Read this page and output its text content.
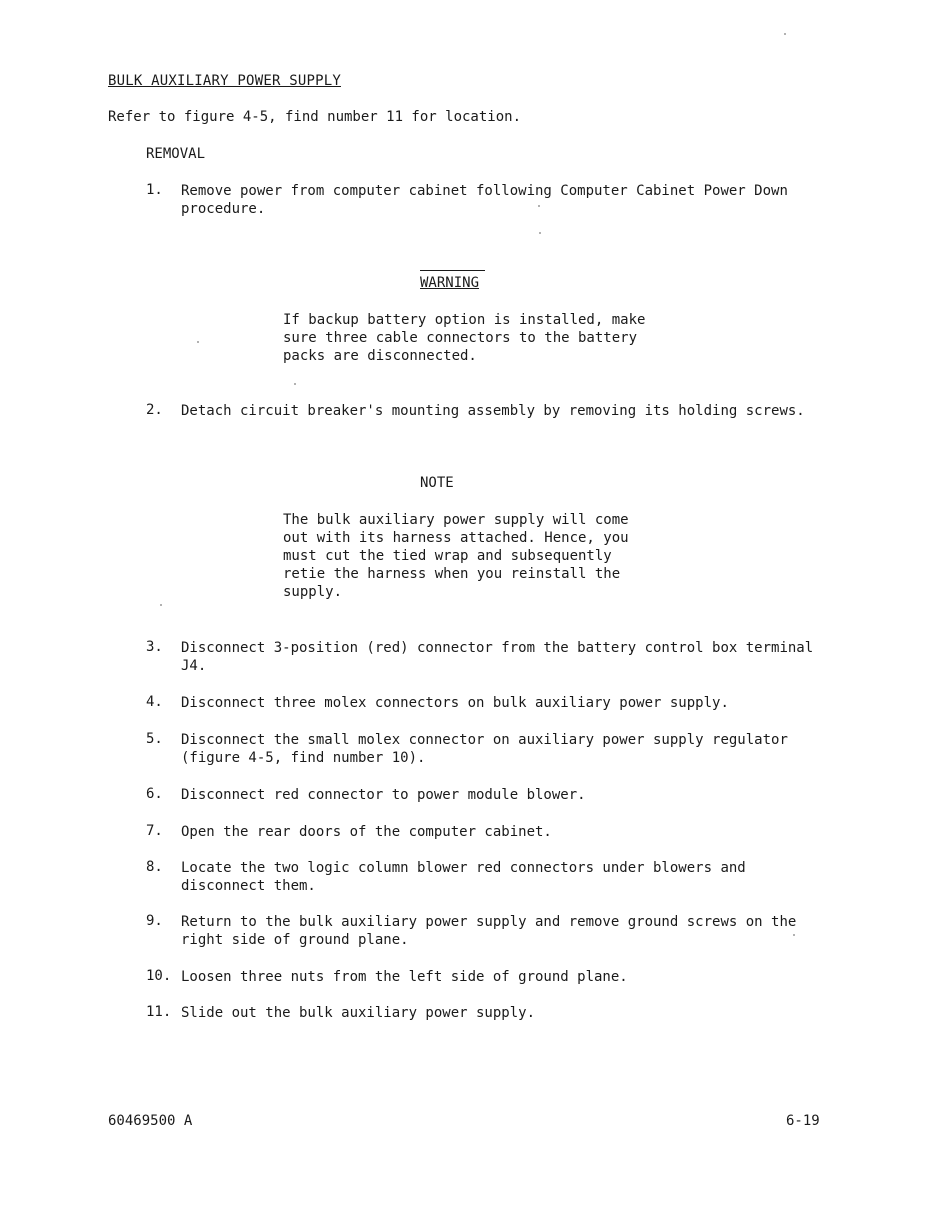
BULK AUXILIARY POWER SUPPLY
Refer to figure 4-5, find number 11 for location.
REMOVAL
1. Remove power from computer cabinet following Computer Cabinet Power Down procedure.
WARNING
If backup battery option is installed, make sure three cable connectors to the battery packs are disconnected.
2. Detach circuit breaker's mounting assembly by removing its holding screws.
NOTE
The bulk auxiliary power supply will come out with its harness attached. Hence, you must cut the tied wrap and subsequently retie the harness when you reinstall the supply.
3. Disconnect 3-position (red) connector from the battery control box terminal J4.
4. Disconnect three molex connectors on bulk auxiliary power supply.
5. Disconnect the small molex connector on auxiliary power supply regulator (figure 4-5, find number 10).
6. Disconnect red connector to power module blower.
7. Open the rear doors of the computer cabinet.
8. Locate the two logic column blower red connectors under blowers and disconnect them.
9. Return to the bulk auxiliary power supply and remove ground screws on the right side of ground plane.
10. Loosen three nuts from the left side of ground plane.
11. Slide out the bulk auxiliary power supply.
60469500 A	6-19
